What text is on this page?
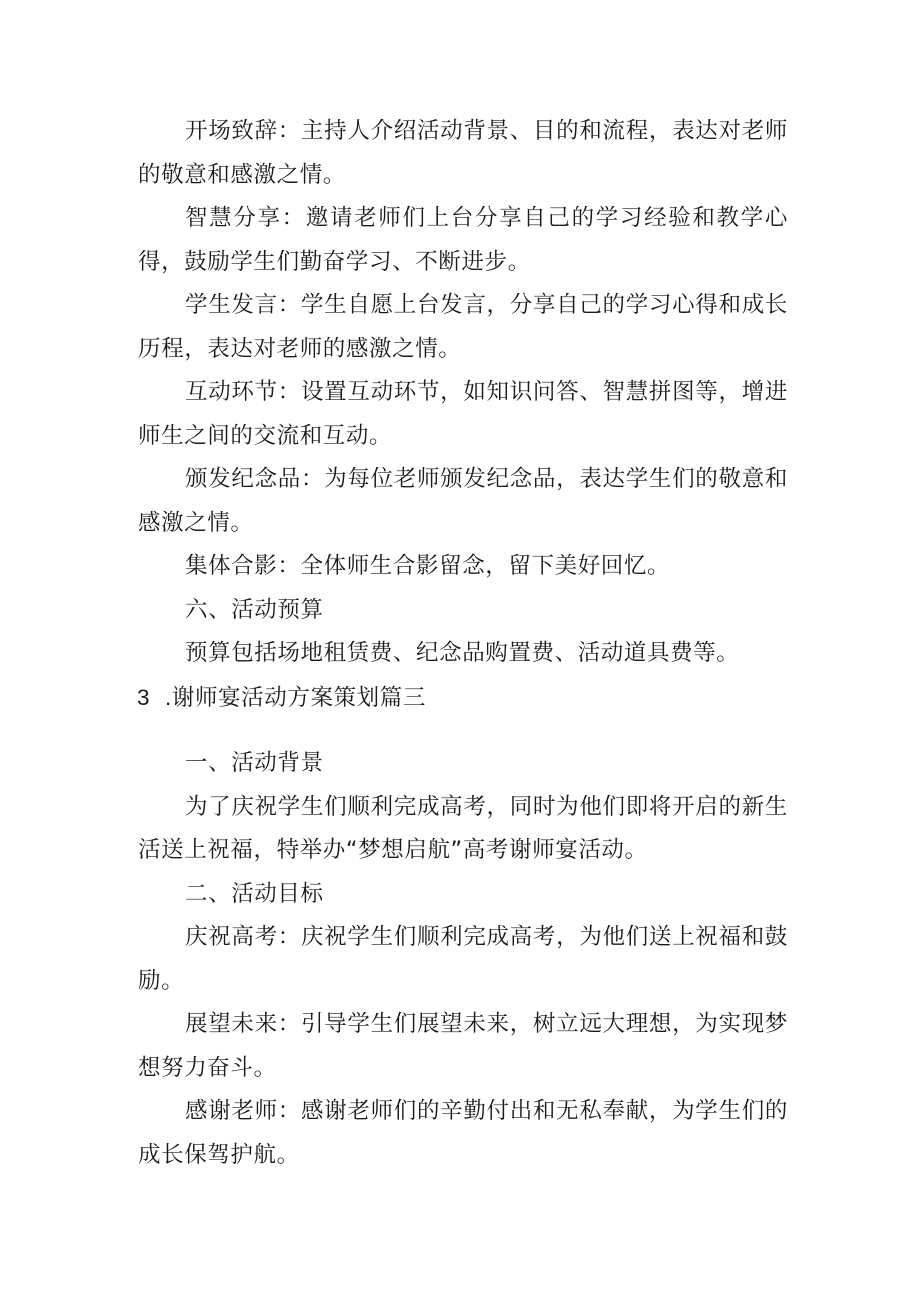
开场致辞：主持人介绍活动背景、目的和流程，表达对老师的敬意和感激之情。

智慧分享：邀请老师们上台分享自己的学习经验和教学心得，鼓励学生们勤奋学习、不断进步。

学生发言：学生自愿上台发言，分享自己的学习心得和成长历程，表达对老师的感激之情。

互动环节：设置互动环节，如知识问答、智慧拼图等，增进师生之间的交流和互动。

颁发纪念品：为每位老师颁发纪念品，表达学生们的敬意和感激之情。

集体合影：全体师生合影留念，留下美好回忆。

六、活动预算

预算包括场地租赁费、纪念品购置费、活动道具费等。

3 .谢师宴活动方案策划篇三

一、活动背景

为了庆祝学生们顺利完成高考，同时为他们即将开启的新生活送上祝福，特举办“梦想启航”高考谢师宴活动。

二、活动目标

庆祝高考：庆祝学生们顺利完成高考，为他们送上祝福和鼓励。

展望未来：引导学生们展望未来，树立远大理想，为实现梦想努力奋斗。

感谢老师：感谢老师们的辛勤付出和无私奉献，为学生们的成长保驾护航。
